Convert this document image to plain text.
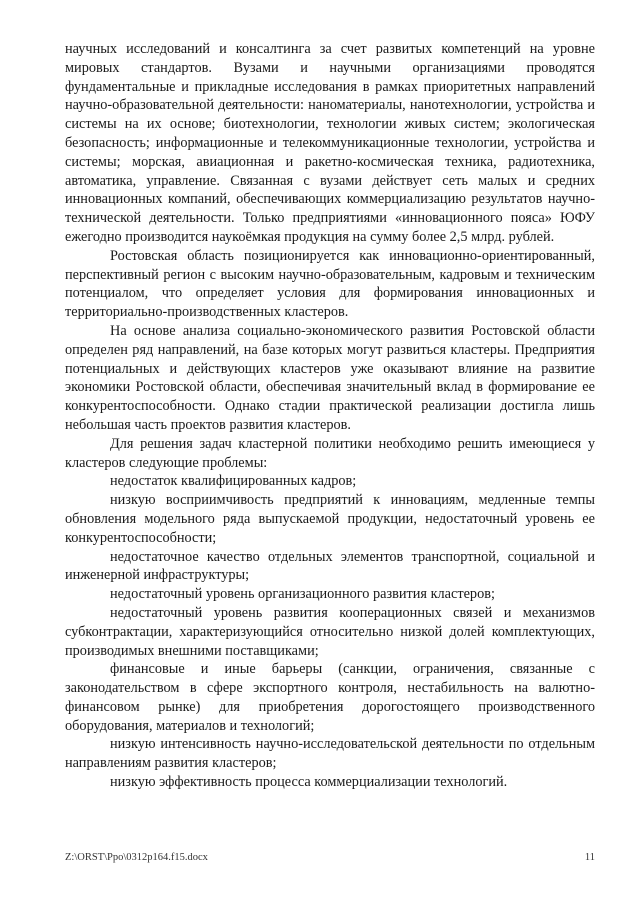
научных исследований и консалтинга за счет развитых компетенций на уровне мировых стандартов. Вузами и научными организациями проводятся фундаментальные и прикладные исследования в рамках приоритетных направлений научно-образовательной деятельности: наноматериалы, нанотехнологии, устройства и системы на их основе; биотехнологии, технологии живых систем; экологическая безопасность; информационные и телекоммуникационные технологии, устройства и системы; морская, авиационная и ракетно-космическая техника, радиотехника, автоматика, управление. Связанная с вузами действует сеть малых и средних инновационных компаний, обеспечивающих коммерциализацию результатов научно-технической деятельности. Только предприятиями «инновационного пояса» ЮФУ ежегодно производится наукоёмкая продукция на сумму более 2,5 млрд. рублей.

Ростовская область позиционируется как инновационно-ориентированный, перспективный регион с высоким научно-образовательным, кадровым и техническим потенциалом, что определяет условия для формирования инновационных и территориально-производственных кластеров.

На основе анализа социально-экономического развития Ростовской области определен ряд направлений, на базе которых могут развиться кластеры. Предприятия потенциальных и действующих кластеров уже оказывают влияние на развитие экономики Ростовской области, обеспечивая значительный вклад в формирование ее конкурентоспособности. Однако стадии практической реализации достигла лишь небольшая часть проектов развития кластеров.

Для решения задач кластерной политики необходимо решить имеющиеся у кластеров следующие проблемы:

недостаток квалифицированных кадров;

низкую восприимчивость предприятий к инновациям, медленные темпы обновления модельного ряда выпускаемой продукции, недостаточный уровень ее конкурентоспособности;

недостаточное качество отдельных элементов транспортной, социальной и инженерной инфраструктуры;

недостаточный уровень организационного развития кластеров;

недостаточный уровень развития кооперационных связей и механизмов субконтрактации, характеризующийся относительно низкой долей комплектующих, производимых внешними поставщиками;

финансовые и иные барьеры (санкции, ограничения, связанные с законодательством в сфере экспортного контроля, нестабильность на валютно-финансовом рынке) для приобретения дорогостоящего производственного оборудования, материалов и технологий;

низкую интенсивность научно-исследовательской деятельности по отдельным направлениям развития кластеров;

низкую эффективность процесса коммерциализации технологий.

Z:\ORST\Ppo\0312p164.f15.docx	11
